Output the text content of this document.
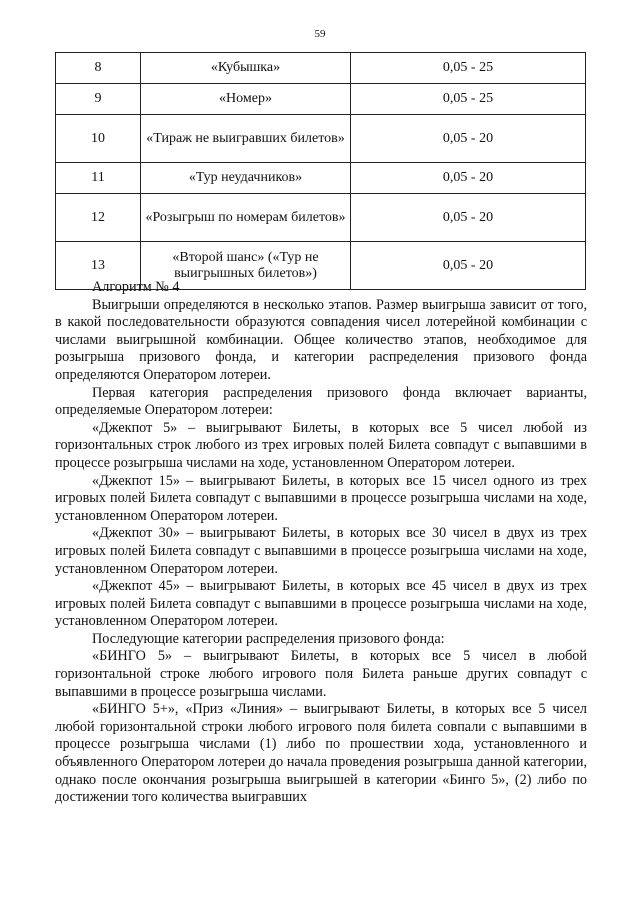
59
8	«Кубышка»	0,05 - 25
9	«Номер»	0,05 - 25
10	«Тираж не выигравших билетов»	0,05 - 20
11	«Тур неудачников»	0,05 - 20
12	«Розыгрыш по номерам билетов»	0,05 - 20
13	«Второй шанс» («Тур не выигрышных билетов»)	0,05 - 20

Алгоритм № 4

Выигрыши определяются в несколько этапов. Размер выигрыша зависит от того, в какой последовательности образуются совпадения чисел лотерейной комбинации с числами выигрышной комбинации. Общее количество этапов, необходимое для розыгрыша призового фонда, и категории распределения призового фонда определяются Оператором лотереи.

Первая категория распределения призового фонда включает варианты, определяемые Оператором лотереи:

«Джекпот 5» – выигрывают Билеты, в которых все 5 чисел любой из горизонтальных строк любого из трех игровых полей Билета совпадут с выпавшими в процессе розыгрыша числами на ходе, установленном Оператором лотереи.

«Джекпот 15» – выигрывают Билеты, в которых все 15 чисел одного из трех игровых полей Билета совпадут с выпавшими в процессе розыгрыша числами на ходе, установленном Оператором лотереи.

«Джекпот 30» – выигрывают Билеты, в которых все 30 чисел в двух из трех игровых полей Билета совпадут с выпавшими в процессе розыгрыша числами на ходе, установленном Оператором лотереи.

«Джекпот 45» – выигрывают Билеты, в которых все 45 чисел в двух из трех игровых полей Билета совпадут с выпавшими в процессе розыгрыша числами на ходе, установленном Оператором лотереи.

Последующие категории распределения призового фонда:

«БИНГО 5» – выигрывают Билеты, в которых все 5 чисел в любой горизонтальной строке любого игрового поля Билета раньше других совпадут с выпавшими в процессе розыгрыша числами.

«БИНГО 5+», «Приз «Линия» – выигрывают Билеты, в которых все 5 чисел любой горизонтальной строки любого игрового поля билета совпали с выпавшими в процессе розыгрыша числами (1) либо по прошествии хода, установленного и объявленного Оператором лотереи до начала проведения розыгрыша данной категории, однако после окончания розыгрыша выигрышей в категории «Бинго 5», (2) либо по достижении того количества выигравших
